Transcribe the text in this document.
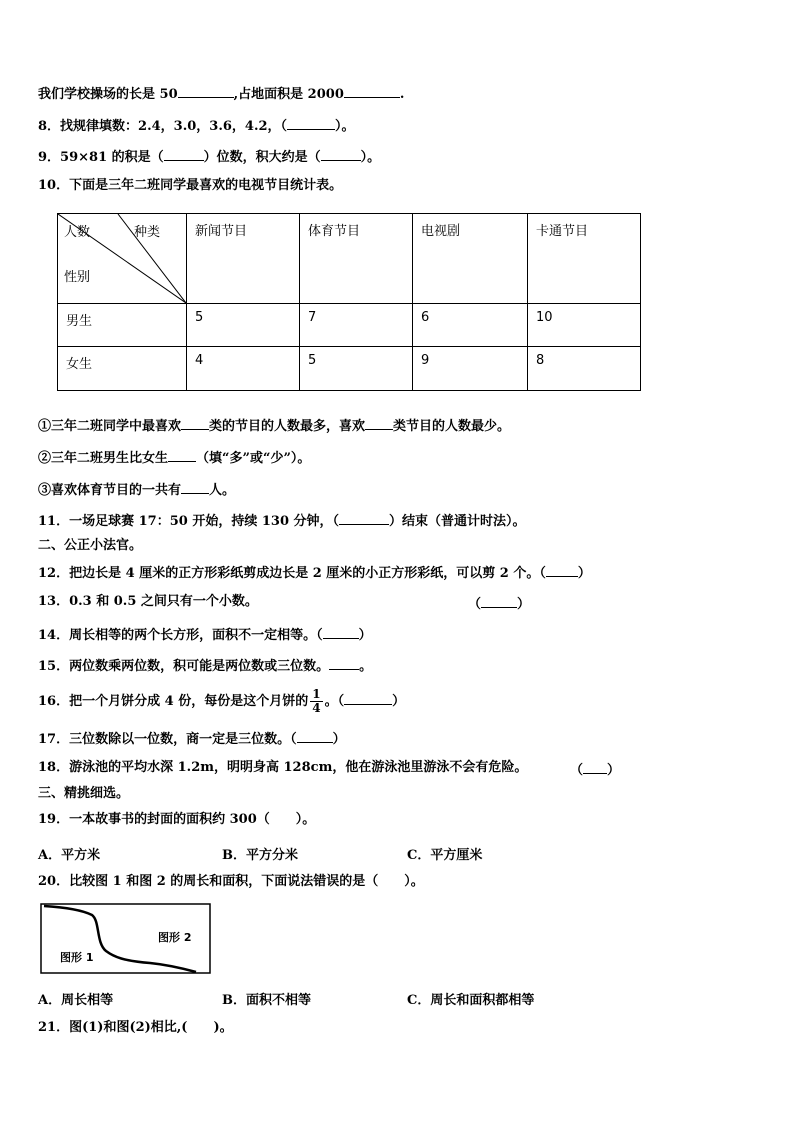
我们学校操场的长是 50	,占地面积是 2000	.
8．找规律填数：2.4，3.0，3.6，4.2，（	）。
9．59×81 的积是（	）位数，积大约是（	）。
10．下面是三年二班同学最喜欢的电视节目统计表。
人数 种类
性别	新闻节目	体育节目	电视剧	卡通节目
男生	5	7	6	10
女生	4	5	9	8
①三年二班同学中最喜欢 类的节目的人数最多，喜欢 类节目的人数最少。
②三年二班男生比女生 （填“多”或“少”）。
③喜欢体育节目的一共有 人。
11．一场足球赛 17：50 开始，持续 130 分钟，（	）结束（普通计时法）。
二、公正小法官。
12．把边长是 4 厘米的正方形彩纸剪成边长是 2 厘米的小正方形彩纸，可以剪 2 个。（ ）
13．0.3 和 0.5 之间只有一个小数。	（	）
14．周长相等的两个长方形，面积不一定相等。（	）
15．两位数乘两位数，积可能是两位数或三位数。 。
16．把一个月饼分成 4 份，每份是这个月饼的 $\frac{1}{4}$ 。（	）
17．三位数除以一位数，商一定是三位数。（	）
18．游泳池的平均水深 1.2m，明明身高 128cm，他在游泳池里游泳不会有危险。	（ ）
三、精挑细选。
19．一本故事书的封面的面积约 300（　　）。
A．平方米	B．平方分米	C．平方厘米
20．比较图 1 和图 2 的周长和面积，下面说法错误的是（　　）。
图形 1
图形 2
A．周长相等	B．面积不相等	C．周长和面积都相等
21．图(1)和图(2)相比,(　　)。
